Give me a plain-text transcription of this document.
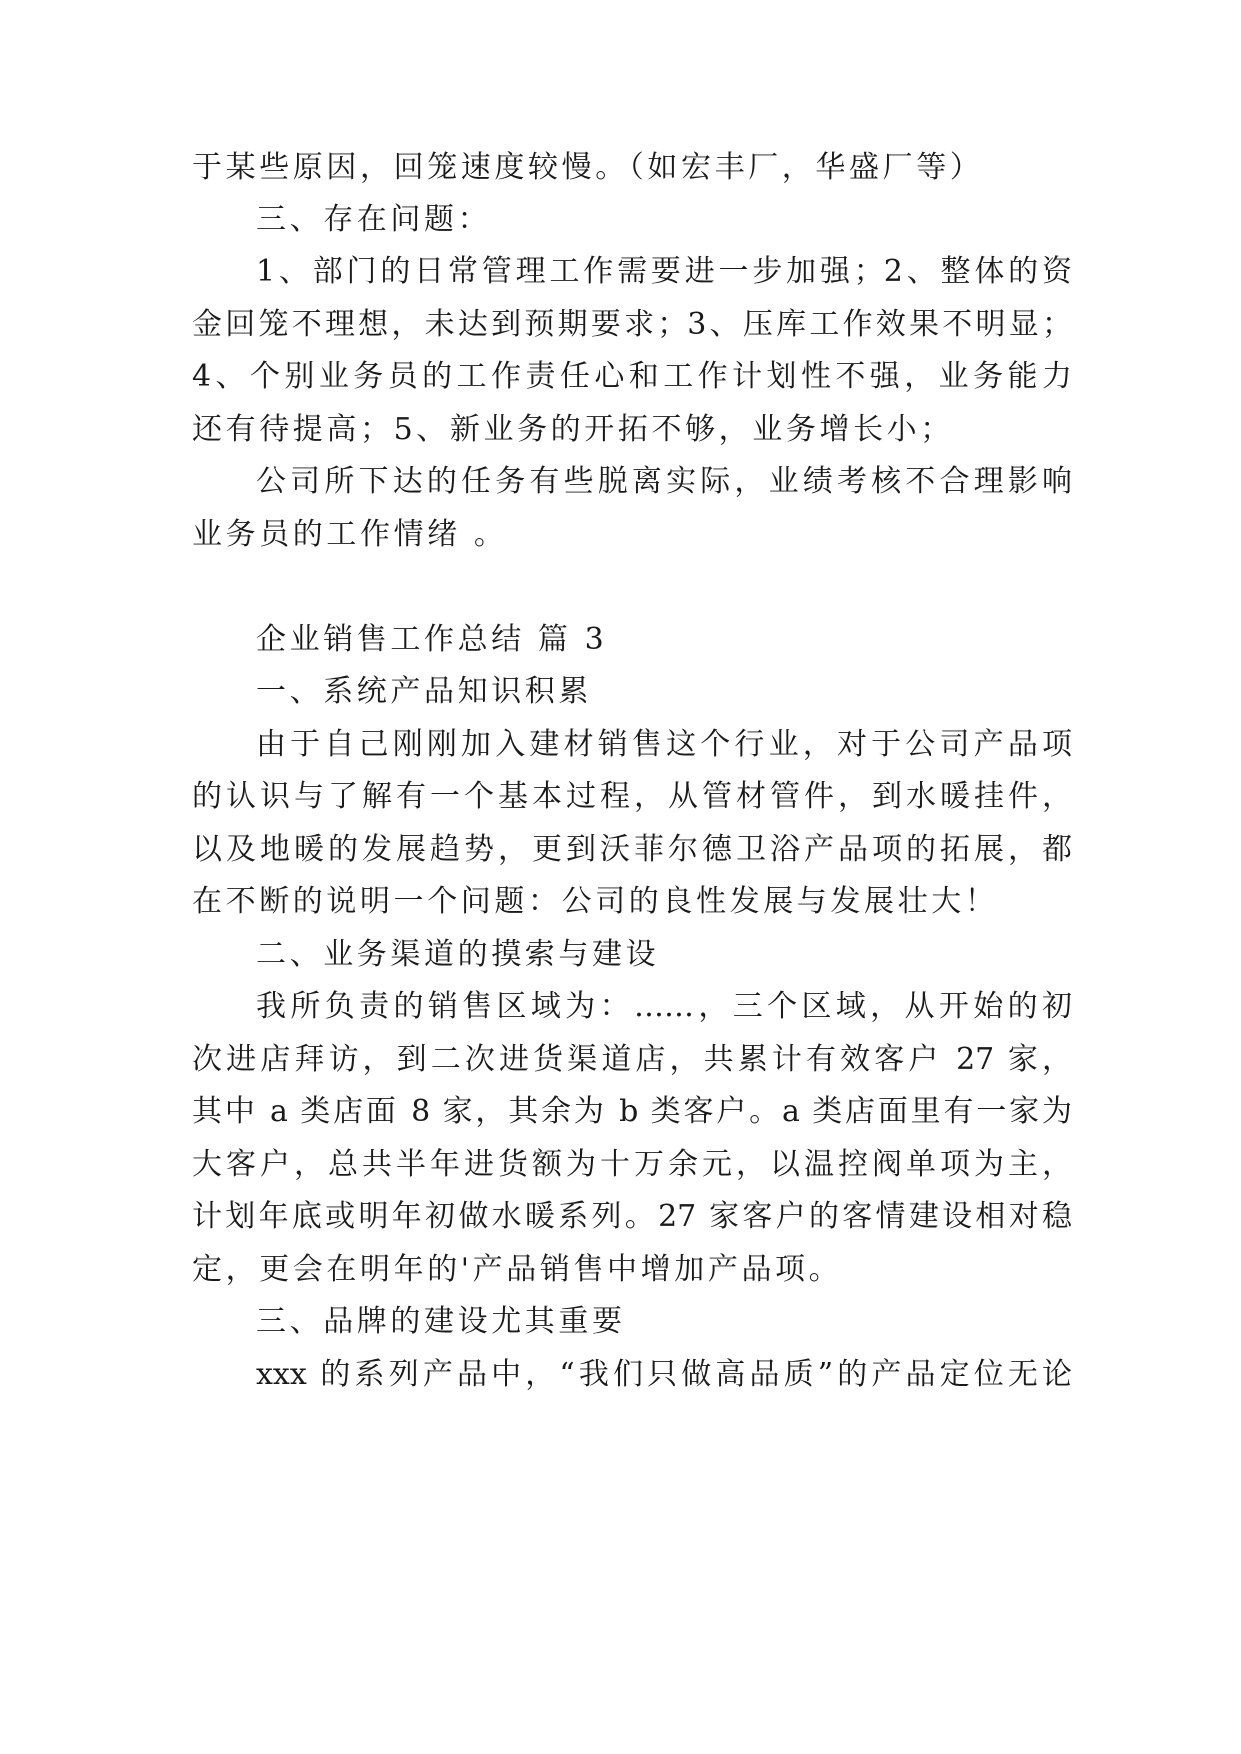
于某些原因，回笼速度较慢。（如宏丰厂，华盛厂等）
三、存在问题：
1、部门的日常管理工作需要进一步加强；2、整体的资
金回笼不理想，未达到预期要求；3、压库工作效果不明显；
4、个别业务员的工作责任心和工作计划性不强，业务能力
还有待提高；5、新业务的开拓不够，业务增长小；
公司所下达的任务有些脱离实际，业绩考核不合理影响
业务员的工作情绪 。
企业销售工作总结 篇 3
一、系统产品知识积累
由于自己刚刚加入建材销售这个行业，对于公司产品项
的认识与了解有一个基本过程，从管材管件，到水暖挂件，
以及地暖的发展趋势，更到沃菲尔德卫浴产品项的拓展，都
在不断的说明一个问题：公司的良性发展与发展壮大！
二、业务渠道的摸索与建设
我所负责的销售区域为：……，三个区域，从开始的初
次进店拜访，到二次进货渠道店，共累计有效客户 27 家，
其中 a 类店面 8 家，其余为 b 类客户。a 类店面里有一家为
大客户，总共半年进货额为十万余元，以温控阀单项为主，
计划年底或明年初做水暖系列。27 家客户的客情建设相对稳
定，更会在明年的'产品销售中增加产品项。
三、品牌的建设尤其重要
xxx 的系列产品中，“我们只做高品质”的产品定位无论
